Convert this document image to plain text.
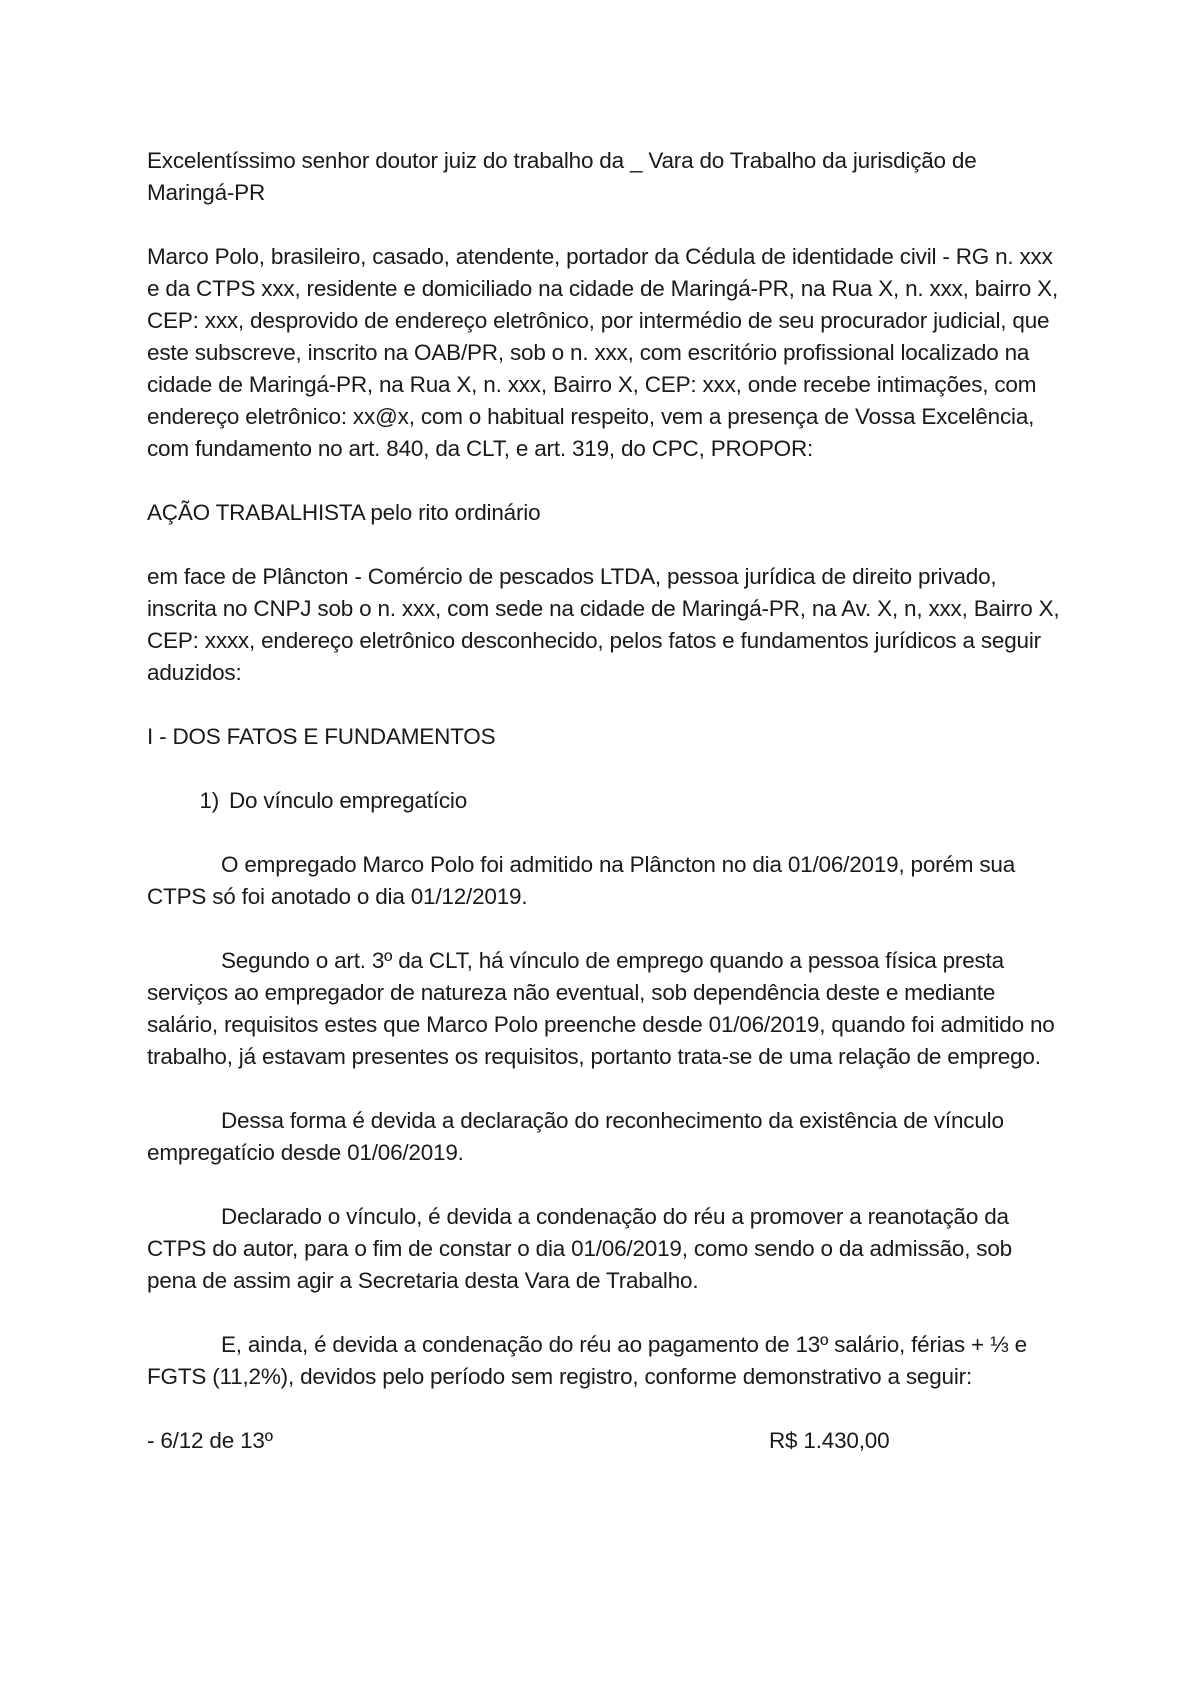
Excelentíssimo senhor doutor juiz do trabalho da _ Vara do Trabalho da jurisdição de Maringá-PR

Marco Polo, brasileiro, casado, atendente, portador da Cédula de identidade civil - RG n. xxx e da CTPS xxx, residente e domiciliado na cidade de Maringá-PR, na Rua X, n. xxx, bairro X, CEP: xxx, desprovido de endereço eletrônico, por intermédio de seu procurador judicial, que este subscreve, inscrito na OAB/PR, sob o n. xxx, com escritório profissional localizado na cidade de Maringá-PR, na Rua X, n. xxx, Bairro X, CEP: xxx, onde recebe intimações, com endereço eletrônico: xx@x, com o habitual respeito, vem a presença de Vossa Excelência, com fundamento no art. 840, da CLT, e art. 319, do CPC, PROPOR:

AÇÃO TRABALHISTA pelo rito ordinário

em face de Plâncton - Comércio de pescados LTDA, pessoa jurídica de direito privado, inscrita no CNPJ sob o n. xxx, com sede na cidade de Maringá-PR, na Av. X, n, xxx, Bairro X, CEP: xxxx, endereço eletrônico desconhecido, pelos fatos e fundamentos jurídicos a seguir aduzidos:

I - DOS FATOS E FUNDAMENTOS

1) Do vínculo empregatício

O empregado Marco Polo foi admitido na Plâncton no dia 01/06/2019, porém sua CTPS só foi anotado o dia 01/12/2019.

Segundo o art. 3º da CLT, há vínculo de emprego quando a pessoa física presta serviços ao empregador de natureza não eventual, sob dependência deste e mediante salário, requisitos estes que Marco Polo preenche desde 01/06/2019, quando foi admitido no trabalho, já estavam presentes os requisitos, portanto trata-se de uma relação de emprego.

Dessa forma é devida a declaração do reconhecimento da existência de vínculo empregatício desde 01/06/2019.

Declarado o vínculo, é devida a condenação do réu a promover a reanotação da CTPS do autor, para o fim de constar o dia 01/06/2019, como sendo o da admissão, sob pena de assim agir a Secretaria desta Vara de Trabalho.

E, ainda, é devida a condenação do réu ao pagamento de 13º salário, férias + ⅓ e FGTS (11,2%), devidos pelo período sem registro, conforme demonstrativo a seguir:

- 6/12 de 13º	R$ 1.430,00
